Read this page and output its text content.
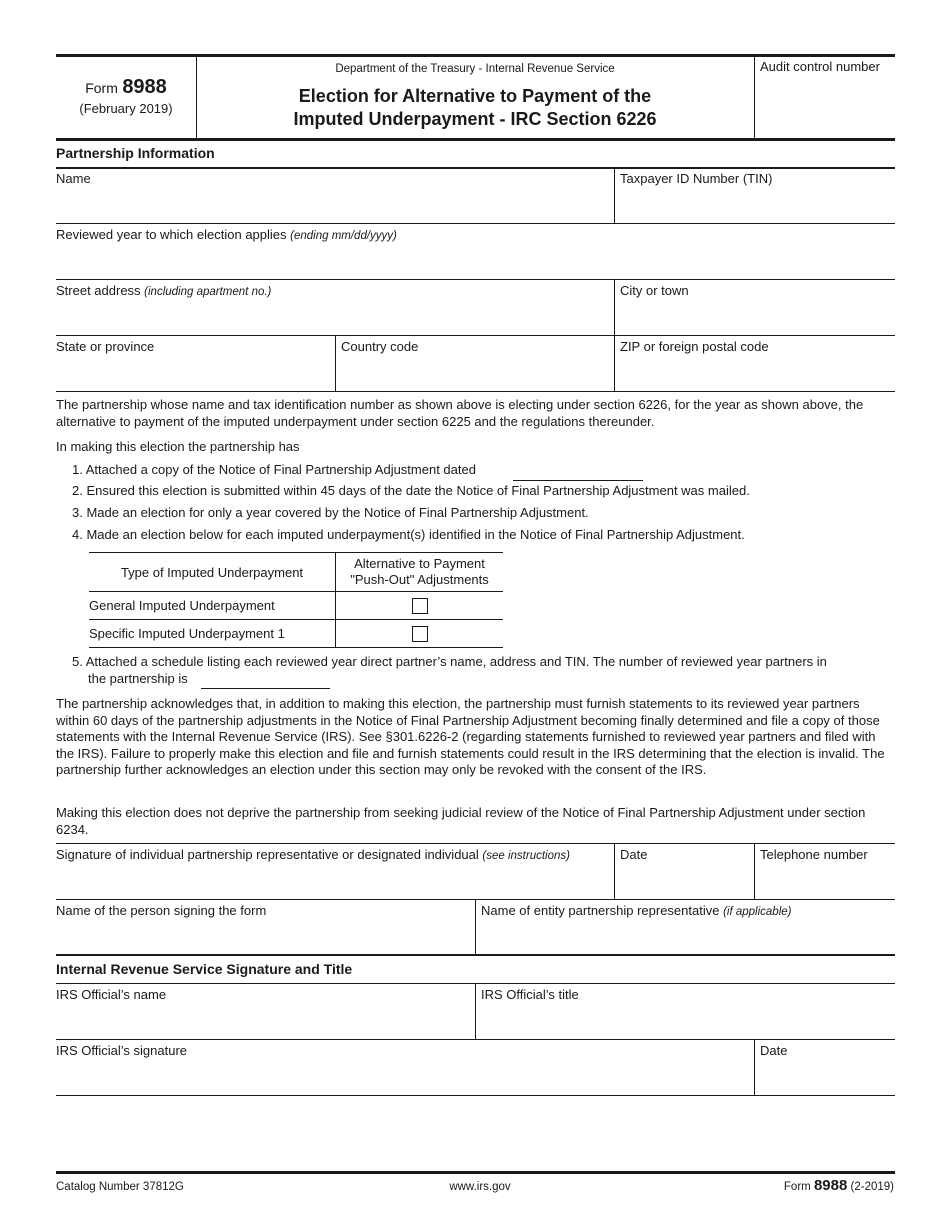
Form 8988
(February 2019)
Department of the Treasury - Internal Revenue Service
Election for Alternative to Payment of the
Imputed Underpayment - IRC Section 6226
Audit control number
Partnership Information
Name	Taxpayer ID Number (TIN)
Reviewed year to which election applies (ending mm/dd/yyyy)
Street address (including apartment no.)	City or town
State or province	Country code	ZIP or foreign postal code
The partnership whose name and tax identification number as shown above is electing under section 6226, for the year as shown above, the alternative to payment of the imputed underpayment under section 6225 and the regulations thereunder.
In making this election the partnership has
1. Attached a copy of the Notice of Final Partnership Adjustment dated
2. Ensured this election is submitted within 45 days of the date the Notice of Final Partnership Adjustment was mailed.
3. Made an election for only a year covered by the Notice of Final Partnership Adjustment.
4. Made an election below for each imputed underpayment(s) identified in the Notice of Final Partnership Adjustment.
Type of Imputed Underpayment	Alternative to Payment
"Push-Out" Adjustments

General Imputed Underpayment	
Specific Imputed Underpayment 1	
5. Attached a schedule listing each reviewed year direct partner’s name, address and TIN. The number of reviewed year partners in
the partnership is
The partnership acknowledges that, in addition to making this election, the partnership must furnish statements to its reviewed year partners within 60 days of the partnership adjustments in the Notice of Final Partnership Adjustment becoming finally determined and file a copy of those statements with the Internal Revenue Service (IRS). See §301.6226-2 (regarding statements furnished to reviewed year partners and filed with the IRS). Failure to properly make this election and file and furnish statements could result in the IRS determining that the election is invalid. The partnership further acknowledges an election under this section may only be revoked with the consent of the IRS.
Making this election does not deprive the partnership from seeking judicial review of the Notice of Final Partnership Adjustment under section 6234.
Signature of individual partnership representative or designated individual (see instructions)	Date	Telephone number
Name of the person signing the form	Name of entity partnership representative (if applicable)
Internal Revenue Service Signature and Title
IRS Official’s name	IRS Official’s title
IRS Official’s signature	Date
Catalog Number 37812G	www.irs.gov	Form 8988 (2-2019)
